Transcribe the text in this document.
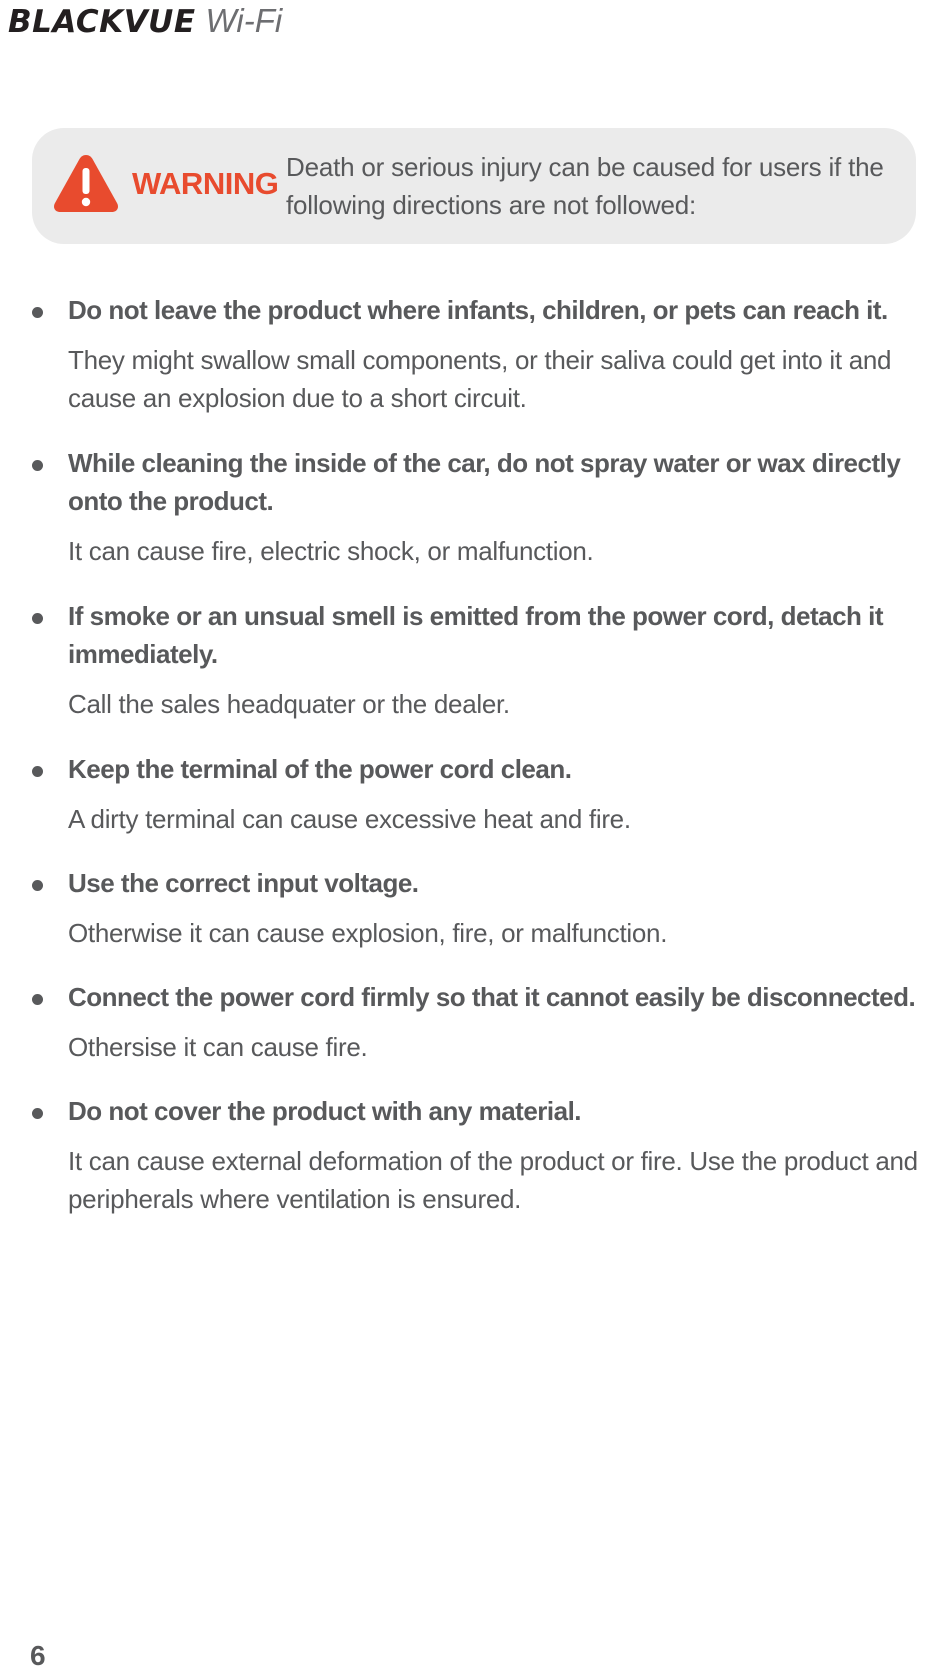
BLACKVUE Wi-Fi
WARNING Death or serious injury can be caused for users if the following directions are not followed:
Do not leave the product where infants, children, or pets can reach it.
They might swallow small components, or their saliva could get into it and cause an explosion due to a short circuit.
While cleaning the inside of the car, do not spray water or wax directly onto the product.
It can cause fire, electric shock, or malfunction.
If smoke or an unsual smell is emitted from the power cord, detach it immediately.
Call the sales headquater or the dealer.
Keep the terminal of the power cord clean.
A dirty terminal can cause excessive heat and fire.
Use the correct input voltage.
Otherwise it can cause explosion, fire, or malfunction.
Connect the power cord firmly so that it cannot easily be disconnected.
Othersise it can cause fire.
Do not cover the product with any material.
It can cause external deformation of the product or fire. Use the product and peripherals where ventilation is ensured.
6
